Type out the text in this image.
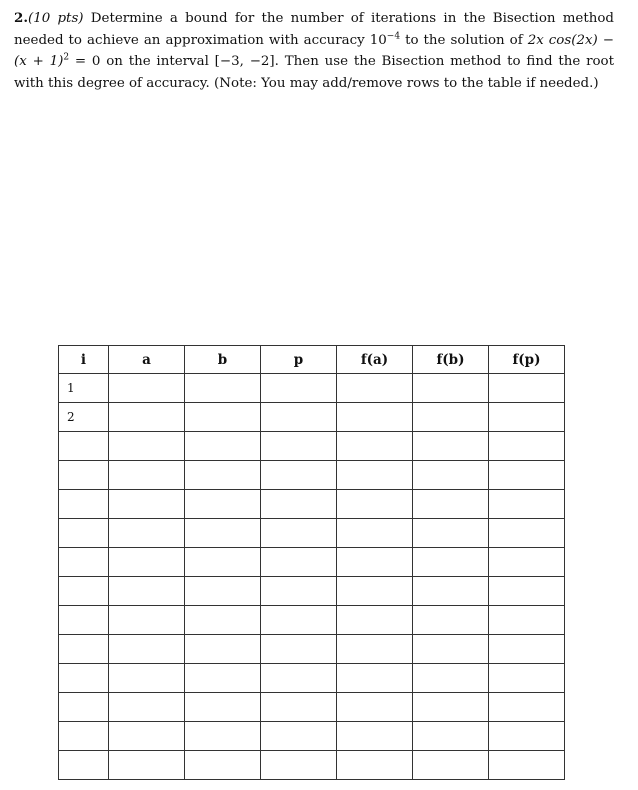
2.(10 pts) Determine a bound for the number of iterations in the Bisection method needed to achieve an approximation with accuracy $10^{-4}$ to the solution of 2x $\cos(2x) - (x + 1)^2 = 0$ on the interval [−3, −2]. Then use the Bisection method to find the root with this degree of accuracy. (Note: You may add/remove rows to the table if needed.)

i	a	b	p	f(a)	f(b)	f(p)
1						
2						
